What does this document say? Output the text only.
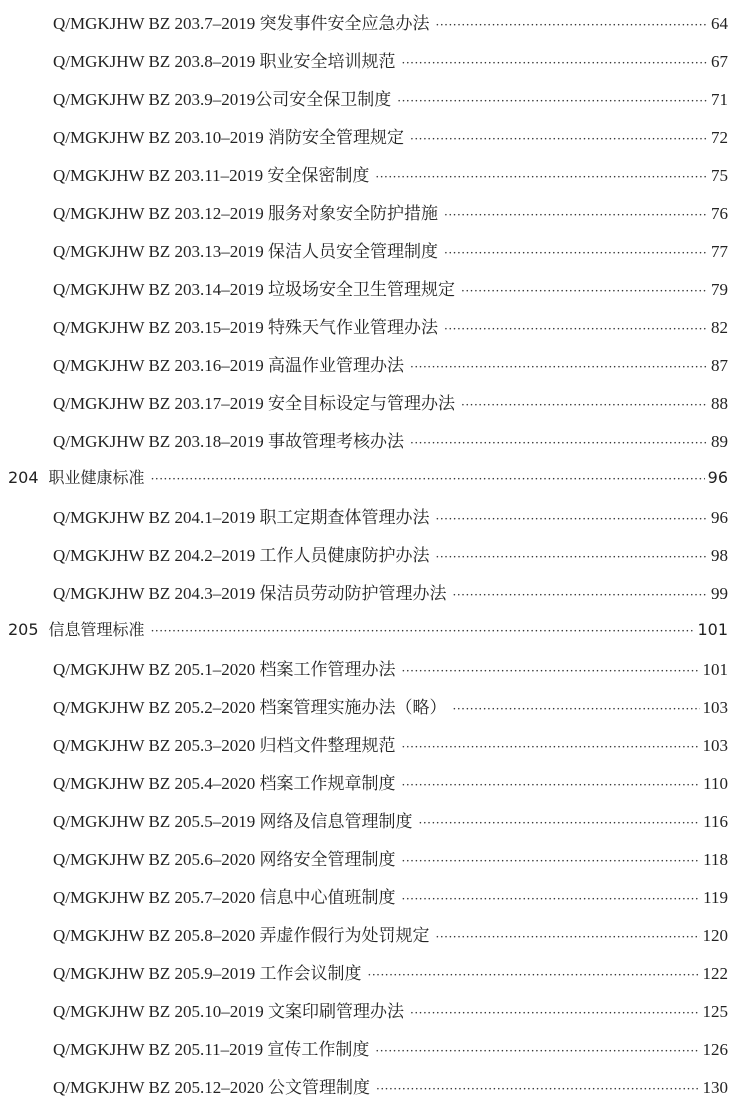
Q/MGKJHW BZ 203.7–2019 突发事件安全应急办法 ·····	64
Q/MGKJHW BZ 203.8–2019 职业安全培训规范 ·····	67
Q/MGKJHW BZ 203.9–2019公司安全保卫制度 ·····	71
Q/MGKJHW BZ 203.10–2019 消防安全管理规定 ·····	72
Q/MGKJHW BZ 203.11–2019 安全保密制度 ·····	75
Q/MGKJHW BZ 203.12–2019 服务对象安全防护措施 ·····	76
Q/MGKJHW BZ 203.13–2019 保洁人员安全管理制度 ·····	77
Q/MGKJHW BZ 203.14–2019 垃圾场安全卫生管理规定 ·····	79
Q/MGKJHW BZ 203.15–2019 特殊天气作业管理办法 ·····	82
Q/MGKJHW BZ 203.16–2019 高温作业管理办法 ·····	87
Q/MGKJHW BZ 203.17–2019 安全目标设定与管理办法 ·····	88
Q/MGKJHW BZ 203.18–2019 事故管理考核办法 ·····	89
204 职业健康标准 ·····	96
Q/MGKJHW BZ 204.1–2019 职工定期查体管理办法 ·····	96
Q/MGKJHW BZ 204.2–2019 工作人员健康防护办法 ·····	98
Q/MGKJHW BZ 204.3–2019 保洁员劳动防护管理办法 ·····	99
205 信息管理标准 ·····	101
Q/MGKJHW BZ 205.1–2020 档案工作管理办法 ·····	101
Q/MGKJHW BZ 205.2–2020 档案管理实施办法（略） ·····	103
Q/MGKJHW BZ 205.3–2020 归档文件整理规范 ·····	103
Q/MGKJHW BZ 205.4–2020 档案工作规章制度 ·····	110
Q/MGKJHW BZ 205.5–2019 网络及信息管理制度 ·····	116
Q/MGKJHW BZ 205.6–2020 网络安全管理制度 ·····	118
Q/MGKJHW BZ 205.7–2020 信息中心值班制度 ·····	119
Q/MGKJHW BZ 205.8–2020 弄虚作假行为处罚规定 ·····	120
Q/MGKJHW BZ 205.9–2019 工作会议制度 ·····	122
Q/MGKJHW BZ 205.10–2019 文案印刷管理办法 ·····	125
Q/MGKJHW BZ 205.11–2019 宣传工作制度 ·····	126
Q/MGKJHW BZ 205.12–2020 公文管理制度 ·····	130
